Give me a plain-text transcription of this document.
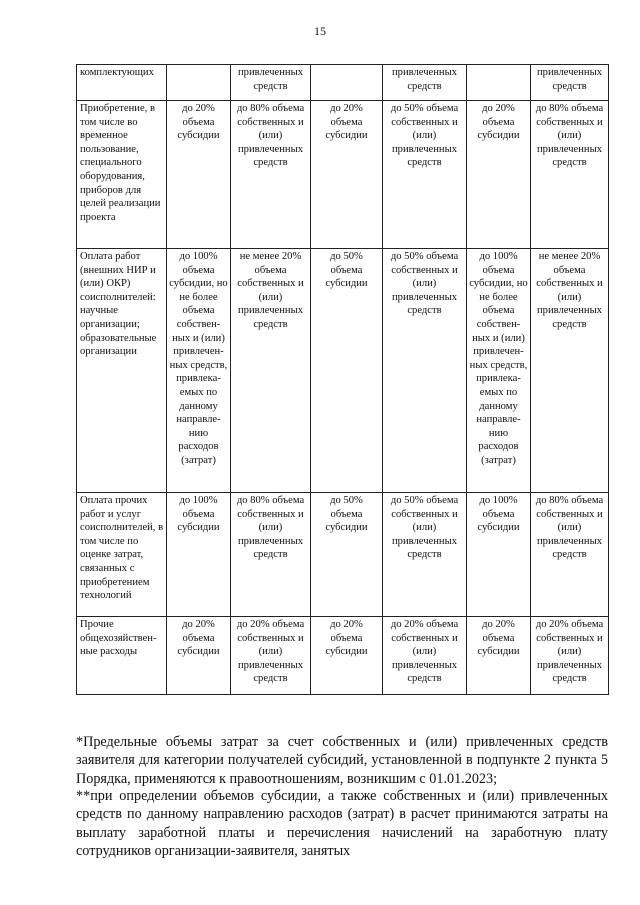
15
комплектующих		привлеченных средств		привлеченных средств		привлеченных средств
Приобретение, в том числе во временное пользование, специального оборудования, приборов для целей реализации проекта	до 20% объема субсидии	до 80% объема собственных и (или) привлеченных средств	до 20% объема субсидии	до 50% объема собственных и (или) привлеченных средств	до 20% объема субсидии	до 80% объема собственных и (или) привлеченных средств
Оплата работ (внешних НИР и (или) ОКР) соисполнителей: научные организации; образовательные организации	до 100% объема субсидии, но не более объема собствен-ных и (или) привлечен-ных средств, привлека-емых по данному направле-нию расходов (затрат)	не менее 20% объема собственных и (или) привлеченных средств	до 50% объема субсидии	до 50% объема собственных и (или) привлеченных средств	до 100% объема субсидии, но не более объема собствен-ных и (или) привлечен-ных средств, привлека-емых по данному направле-нию расходов (затрат)	не менее 20% объема собственных и (или) привлеченных средств
Оплата прочих работ и услуг соисполнителей, в том числе по оценке затрат, связанных с приобретением технологий	до 100% объема субсидии	до 80% объема собственных и (или) привлеченных средств	до 50% объема субсидии	до 50% объема собственных и (или) привлеченных средств	до 100% объема субсидии	до 80% объема собственных и (или) привлеченных средств
Прочие общехозяйствен-ные расходы	до 20% объема субсидии	до 20% объема собственных и (или) привлеченных средств	до 20% объема субсидии	до 20% объема собственных и (или) привлеченных средств	до 20% объема субсидии	до 20% объема собственных и (или) привлеченных средств

*Предельные объемы затрат за счет собственных и (или) привлеченных средств заявителя для категории получателей субсидий, установленной в подпункте 2 пункта 5 Порядка, применяются к правоотношениям, возникшим с 01.01.2023;

**при определении объемов субсидии, а также собственных и (или) привлеченных средств по данному направлению расходов (затрат) в расчет принимаются затраты на выплату заработной платы и перечисления начислений на заработную плату сотрудников организации-заявителя, занятых
